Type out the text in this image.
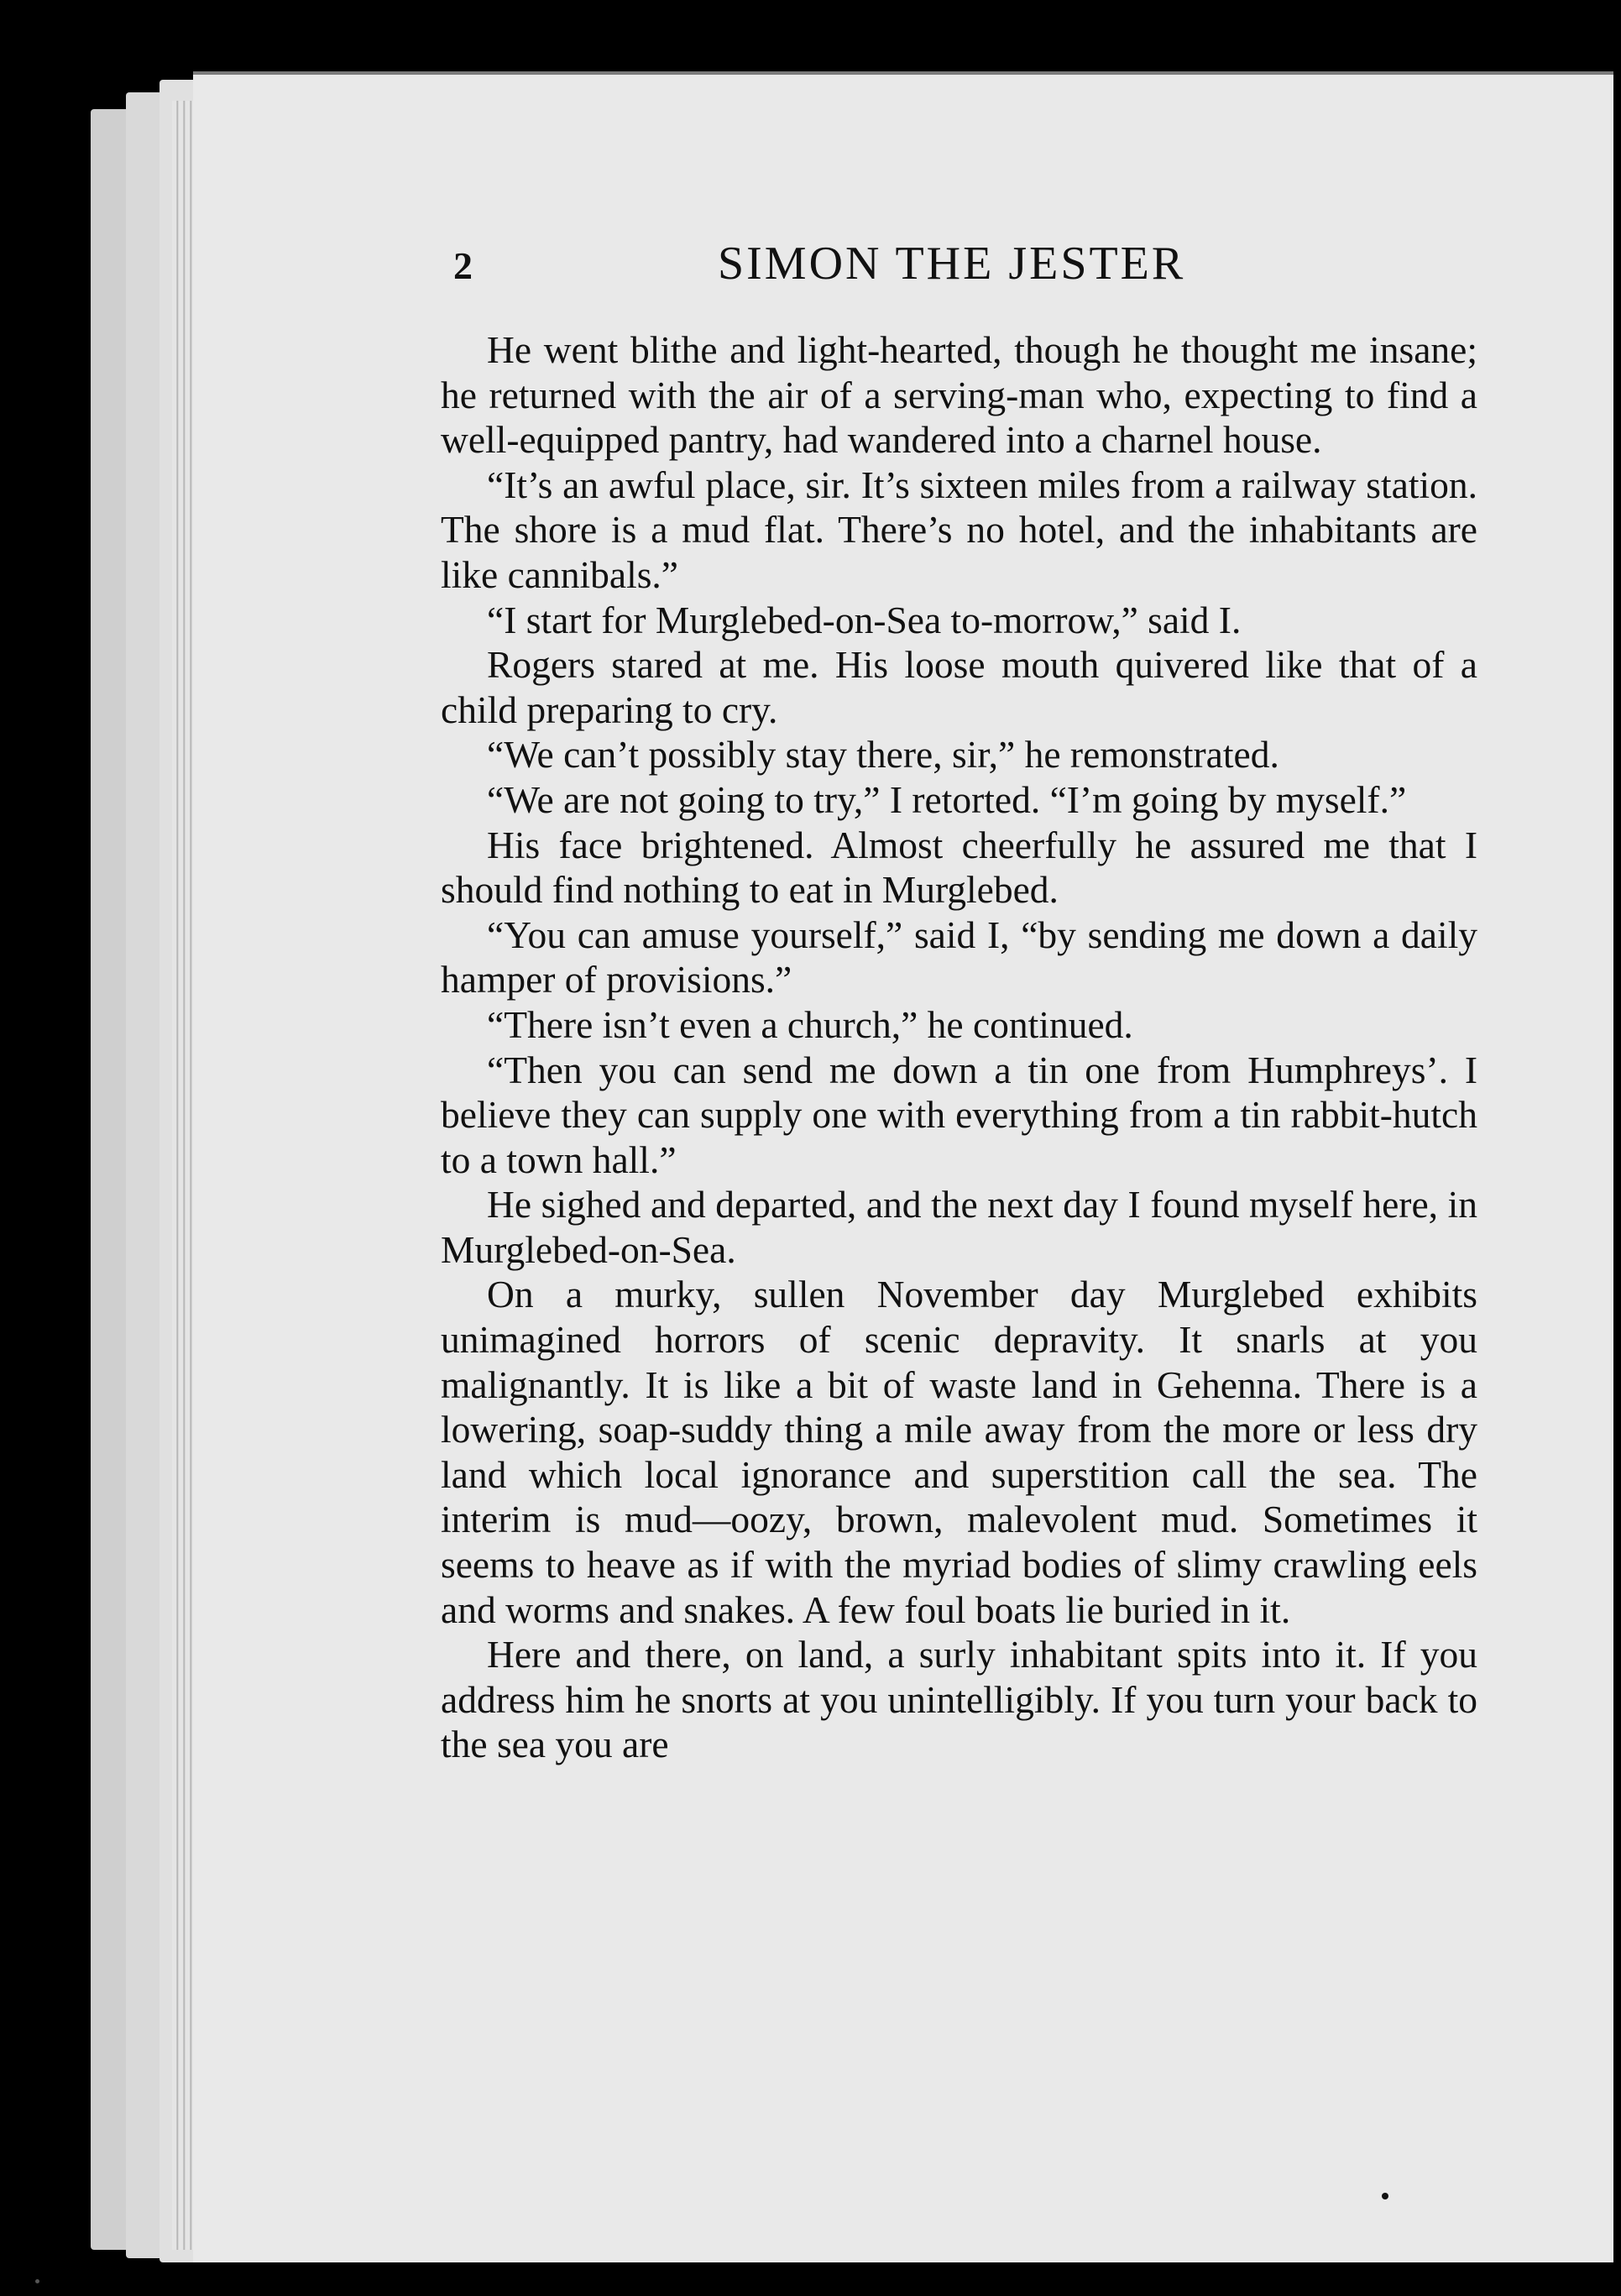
2	SIMON THE JESTER

He went blithe and light-hearted, though he thought me insane; he returned with the air of a serving-man who, expecting to find a well-equipped pantry, had wandered into a charnel house.

“It’s an awful place, sir. It’s sixteen miles from a railway station. The shore is a mud flat. There’s no hotel, and the inhabitants are like cannibals.”

“I start for Murglebed-on-Sea to-morrow,” said I.

Rogers stared at me. His loose mouth quivered like that of a child preparing to cry.

“We can’t possibly stay there, sir,” he remonstrated.

“We are not going to try,” I retorted. “I’m going by myself.”

His face brightened. Almost cheerfully he assured me that I should find nothing to eat in Murglebed.

“You can amuse yourself,” said I, “by sending me down a daily hamper of provisions.”

“There isn’t even a church,” he continued.

“Then you can send me down a tin one from Humphreys’. I believe they can supply one with everything from a tin rabbit-hutch to a town hall.”

He sighed and departed, and the next day I found myself here, in Murglebed-on-Sea.

On a murky, sullen November day Murglebed exhibits unimagined horrors of scenic depravity. It snarls at you malignantly. It is like a bit of waste land in Gehenna. There is a lowering, soap-suddy thing a mile away from the more or less dry land which local ignorance and superstition call the sea. The interim is mud—oozy, brown, malevolent mud. Sometimes it seems to heave as if with the myriad bodies of slimy crawling eels and worms and snakes. A few foul boats lie buried in it.

Here and there, on land, a surly inhabitant spits into it. If you address him he snorts at you unintelligibly. If you turn your back to the sea you are
